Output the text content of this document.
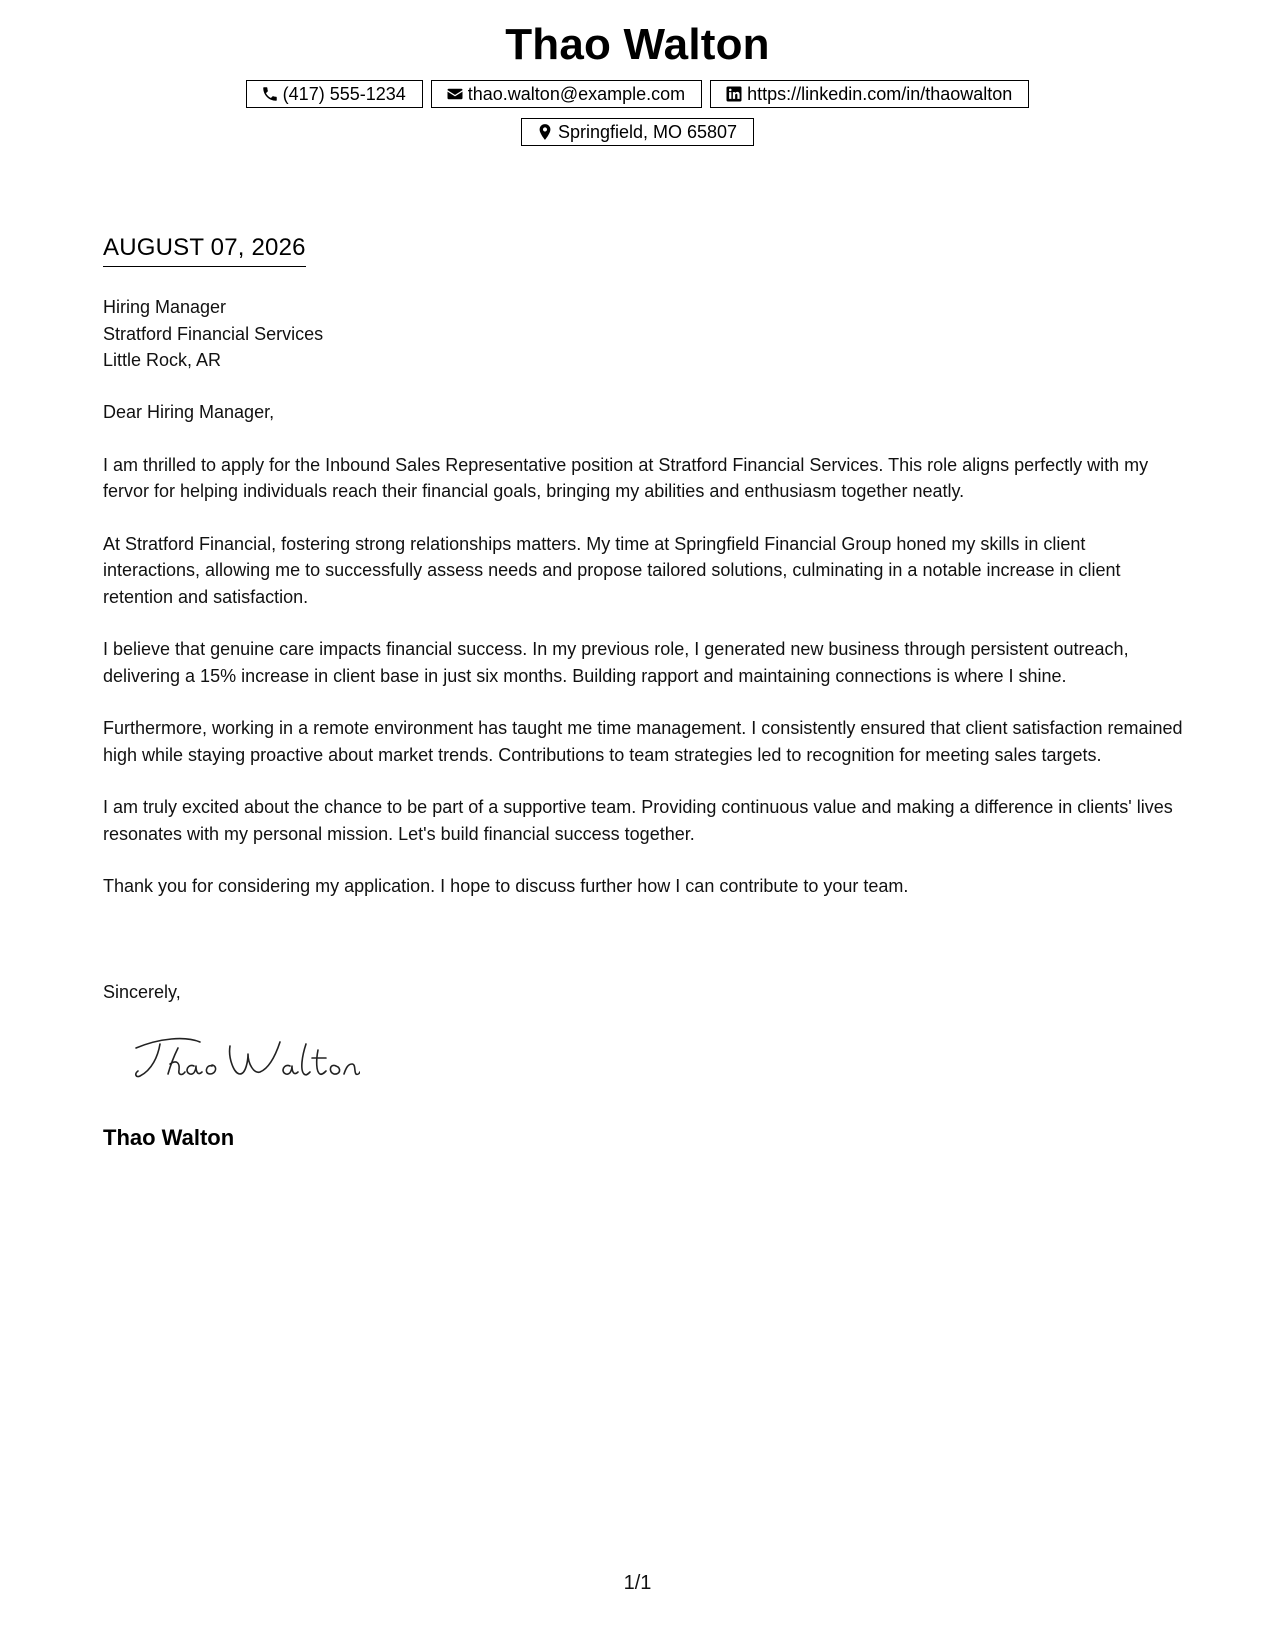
Thao Walton
(417) 555-1234	thao.walton@example.com	https://linkedin.com/in/thaowalton
Springfield, MO 65807
AUGUST 07, 2026
Hiring Manager
Stratford Financial Services
Little Rock, AR

Dear Hiring Manager,

I am thrilled to apply for the Inbound Sales Representative position at Stratford Financial Services. This role aligns perfectly with my fervor for helping individuals reach their financial goals, bringing my abilities and enthusiasm together neatly.

At Stratford Financial, fostering strong relationships matters. My time at Springfield Financial Group honed my skills in client interactions, allowing me to successfully assess needs and propose tailored solutions, culminating in a notable increase in client retention and satisfaction.

I believe that genuine care impacts financial success. In my previous role, I generated new business through persistent outreach, delivering a 15% increase in client base in just six months. Building rapport and maintaining connections is where I shine.

Furthermore, working in a remote environment has taught me time management. I consistently ensured that client satisfaction remained high while staying proactive about market trends. Contributions to team strategies led to recognition for meeting sales targets.

I am truly excited about the chance to be part of a supportive team. Providing continuous value and making a difference in clients' lives resonates with my personal mission. Let's build financial success together.

Thank you for considering my application. I hope to discuss further how I can contribute to your team.

Sincerely,
Thao Walton
1/1
